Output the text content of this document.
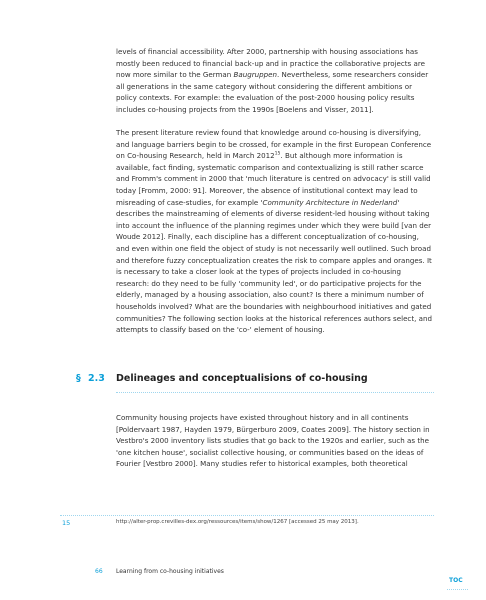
levels of financial accessibility. After 2000, partnership with housing associations has mostly been reduced to financial back-up and in practice the collaborative projects are now more similar to the German Baugruppen. Nevertheless, some researchers consider all generations in the same category without considering the different ambitions or policy contexts. For example: the evaluation of the post-2000 housing policy results includes co-housing projects from the 1990s [Boelens and Visser, 2011].

The present literature review found that knowledge around co-housing is diversifying, and language barriers begin to be crossed, for example in the first European Conference on Co-housing Research, held in March 2012$^{15}$. But although more information is available, fact finding, systematic comparison and contextualizing is still rather scarce and Fromm's comment in 2000 that 'much literature is centred on advocacy' is still valid today [Fromm, 2000: 91]. Moreover, the absence of institutional context may lead to misreading of case-studies, for example 'Community Architecture in Nederland' describes the mainstreaming of elements of diverse resident-led housing without taking into account the influence of the planning regimes under which they were build [van der Woude 2012]. Finally, each discipline has a different conceptualization of co-housing, and even within one field the object of study is not necessarily well outlined. Such broad and therefore fuzzy conceptualization creates the risk to compare apples and oranges. It is necessary to take a closer look at the types of projects included in co-housing research: do they need to be fully 'community led', or do participative projects for the elderly, managed by a housing association, also count? Is there a minimum number of households involved? What are the boundaries with neighbourhood initiatives and gated communities? The following section looks at the historical references authors select, and attempts to classify based on the 'co-' element of housing.

§ 2.3 Delineages and conceptualisions of co-housing

Community housing projects have existed throughout history and in all continents [Poldervaart 1987, Hayden 1979, Bürgerburo 2009, Coates 2009]. The history section in Vestbro's 2000 inventory lists studies that go back to the 1920s and earlier, such as the 'one kitchen house', socialist collective housing, or communities based on the ideas of Fourier [Vestbro 2000]. Many studies refer to historical examples, both theoretical

15	http://alter-prop.crevilles-dex.org/ressources/items/show/1267 [accessed 25 may 2013].
66 Learning from co-housing initiatives
TOC
